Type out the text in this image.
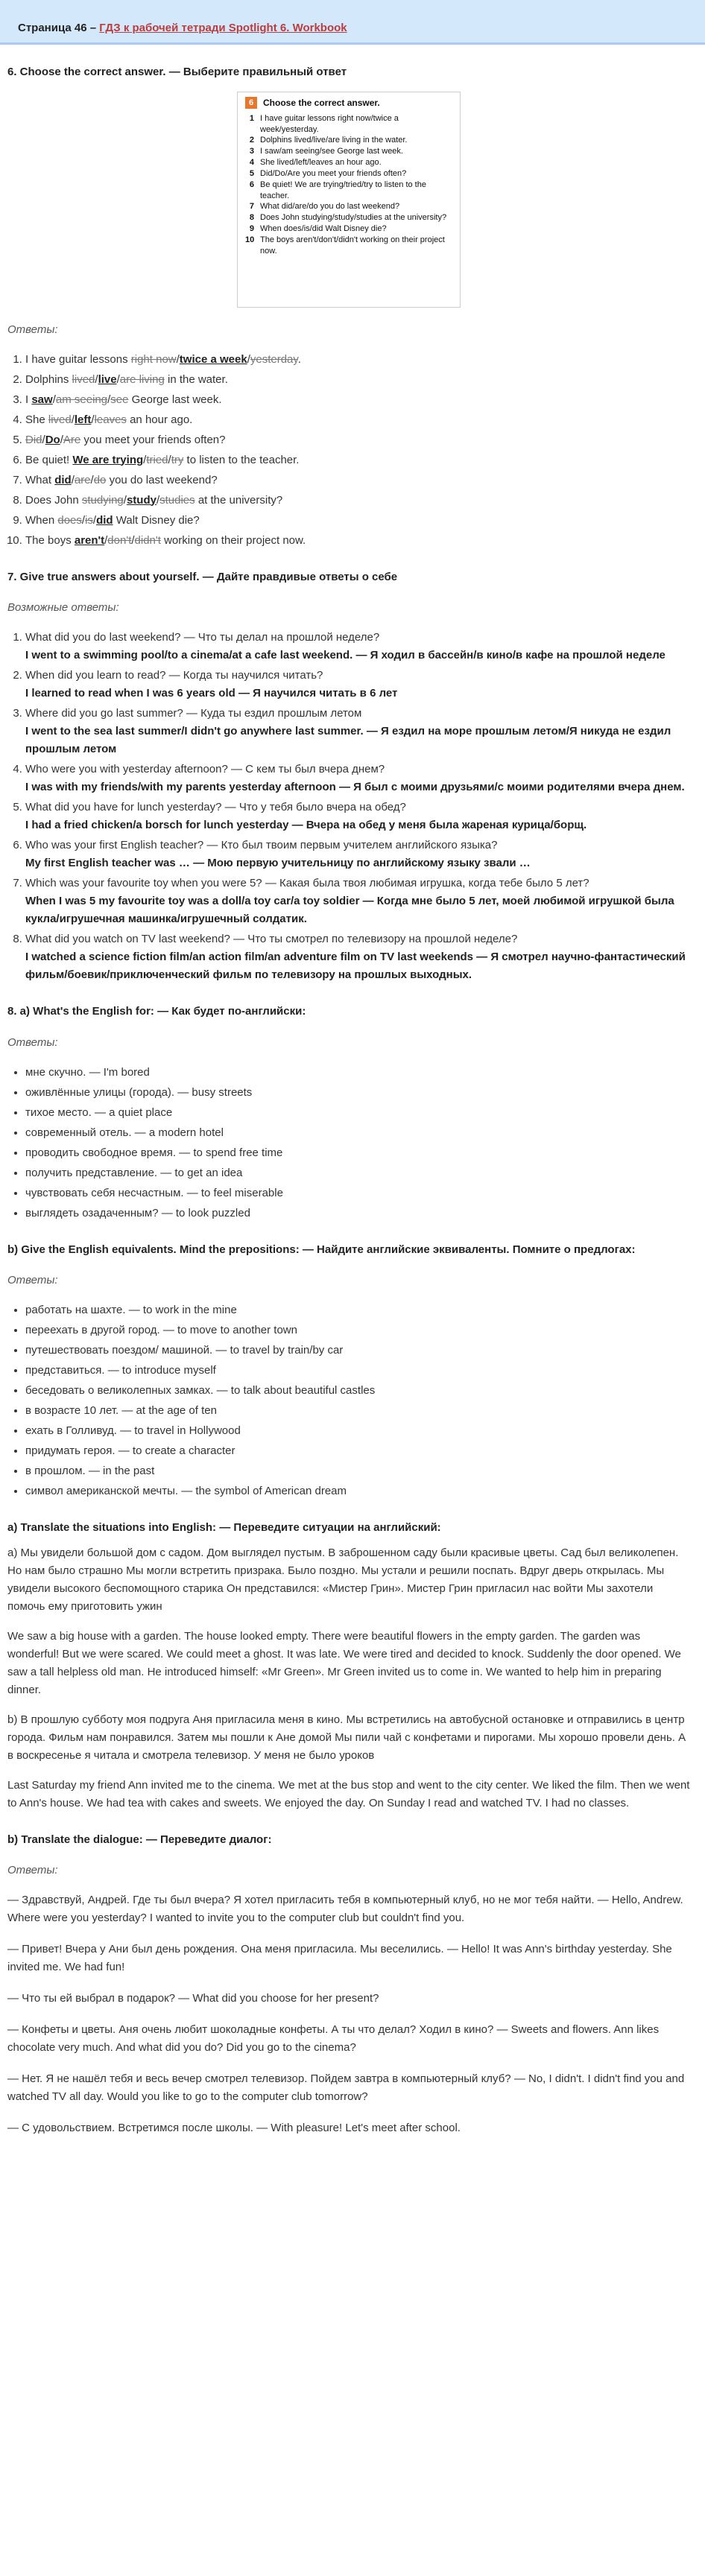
Страница 46 – ГДЗ к рабочей тетради Spotlight 6. Workbook
6. Choose the correct answer. — Выберите правильный ответ
6	Choose the correct answer.
1 I have guitar lessons right now/twice a week/yesterday.
2 Dolphins lived/live/are living in the water.
3 I saw/am seeing/see George last week.
4 She lived/left/leaves an hour ago.
5 Did/Do/Are you meet your friends often?
6 Be quiet! We are trying/tried/try to listen to the teacher.
7 What did/are/do you do last weekend?
8 Does John studying/study/studies at the university?
9 When does/is/did Walt Disney die?
10 The boys aren't/don't/didn't working on their project now.
Ответы:
1. I have guitar lessons right now/twice a week/yesterday.
2. Dolphins lived/live/are living in the water.
3. I saw/am seeing/see George last week.
4. She lived/left/leaves an hour ago.
5. Did/Do/Are you meet your friends often?
6. Be quiet! We are trying/tried/try to listen to the teacher.
7. What did/are/do you do last weekend?
8. Does John studying/study/studies at the university?
9. When does/is/did Walt Disney die?
10. The boys aren't/don't/didn't working on their project now.
7. Give true answers about yourself. — Дайте правдивые ответы о себе
Возможные ответы:
1. What did you do last weekend? — Что ты делал на прошлой неделе?
I went to a swimming pool/to a cinema/at a cafe last weekend. — Я ходил в бассейн/в кино/в кафе на прошлой неделе
2. When did you learn to read? — Когда ты научился читать?
I learned to read when I was 6 years old — Я научился читать в 6 лет
3. Where did you go last summer? — Куда ты ездил прошлым летом
I went to the sea last summer/I didn't go anywhere last summer. — Я ездил на море прошлым летом/Я никуда не ездил прошлым летом
4. Who were you with yesterday afternoon? — С кем ты был вчера днем?
I was with my friends/with my parents yesterday afternoon — Я был с моими друзьями/с моими родителями вчера днем.
5. What did you have for lunch yesterday? — Что у тебя было вчера на обед?
I had a fried chicken/a borsch for lunch yesterday — Вчера на обед у меня была жареная курица/борщ.
6. Who was your first English teacher? — Кто был твоим первым учителем английского языка?
My first English teacher was … — Мою первую учительницу по английскому языку звали …
7. Which was your favourite toy when you were 5? — Какая была твоя любимая игрушка, когда тебе было 5 лет?
When I was 5 my favourite toy was a doll/a toy car/a toy soldier — Когда мне было 5 лет, моей любимой игрушкой была кукла/игрушечная машинка/игрушечный солдатик.
8. What did you watch on TV last weekend? — Что ты смотрел по телевизору на прошлой неделе?
I watched a science fiction film/an action film/an adventure film on TV last weekends — Я смотрел научно-фантастический фильм/боевик/приключенческий фильм по телевизору на прошлых выходных.
8. a) What's the English for: — Как будет по-английски:
Ответы:
• мне скучно. — I'm bored
• оживлённые улицы (города). — busy streets
• тихое место. — a quiet place
• современный отель. — a modern hotel
• проводить свободное время. — to spend free time
• получить представление. — to get an idea
• чувствовать себя несчастным. — to feel miserable
• выглядеть озадаченным? — to look puzzled
b) Give the English equivalents. Mind the prepositions: — Найдите английские эквиваленты. Помните о предлогах:
Ответы:
• работать на шахте. — to work in the mine
• переехать в другой город. — to move to another town
• путешествовать поездом/ машиной. — to travel by train/by car
• представиться. — to introduce myself
• беседовать о великолепных замках. — to talk about beautiful castles
• в возрасте 10 лет. — at the age of ten
• ехать в Голливуд. — to travel in Hollywood
• придумать героя. — to create a character
• в прошлом. — in the past
• символ американской мечты. — the symbol of American dream
a) Translate the situations into English: — Переведите ситуации на английский:

а) Мы увидели большой дом с садом. Дом выглядел пустым. В заброшенном саду были красивые цветы. Сад был великолепен. Но нам было страшно Мы могли встретить призрака. Было поздно. Мы устали и решили поспать. Вдруг дверь открылась. Мы увидели высокого беспомощного старика Он представился: «Мистер Грин». Мистер Грин пригласил нас войти Мы захотели помочь ему приготовить ужин

We saw a big house with a garden. The house looked empty. There were beautiful flowers in the empty garden. The garden was wonderful! But we were scared. We could meet a ghost. It was late. We were tired and decided to knock. Suddenly the door opened. We saw a tall helpless old man. He introduced himself: «Mr Green». Mr Green invited us to come in. We wanted to help him in preparing dinner.

b) В прошлую субботу моя подруга Аня пригласила меня в кино. Мы встретились на автобусной остановке и отправились в центр города. Фильм нам понравился. Затем мы пошли к Ане домой Мы пили чай с конфетами и пирогами. Мы хорошо провели день. А в воскресенье я читала и смотрела телевизор. У меня не было уроков

Last Saturday my friend Ann invited me to the cinema. We met at the bus stop and went to the city center. We liked the film. Then we went to Ann's house. We had tea with cakes and sweets. We enjoyed the day. On Sunday I read and watched TV. I had no classes.

b) Translate the dialogue: — Переведите диалог:
Ответы:

— Здравствуй, Андрей. Где ты был вчера? Я хотел пригласить тебя в компьютерный клуб, но не мог тебя найти. — Hello, Andrew. Where were you yesterday? I wanted to invite you to the computer club but couldn't find you.

— Привет! Вчера у Ани был день рождения. Она меня пригласила. Мы веселились. — Hello! It was Ann's birthday yesterday. She invited me. We had fun!

— Что ты ей выбрал в подарок? — What did you choose for her present?

— Конфеты и цветы. Аня очень любит шоколадные конфеты. А ты что делал? Ходил в кино? — Sweets and flowers. Ann likes chocolate very much. And what did you do? Did you go to the cinema?

— Нет. Я не нашёл тебя и весь вечер смотрел телевизор. Пойдем завтра в компьютерный клуб? — No, I didn't. I didn't find you and watched TV all day. Would you like to go to the computer club tomorrow?

— С удовольствием. Встретимся после школы. — With pleasure! Let's meet after school.
